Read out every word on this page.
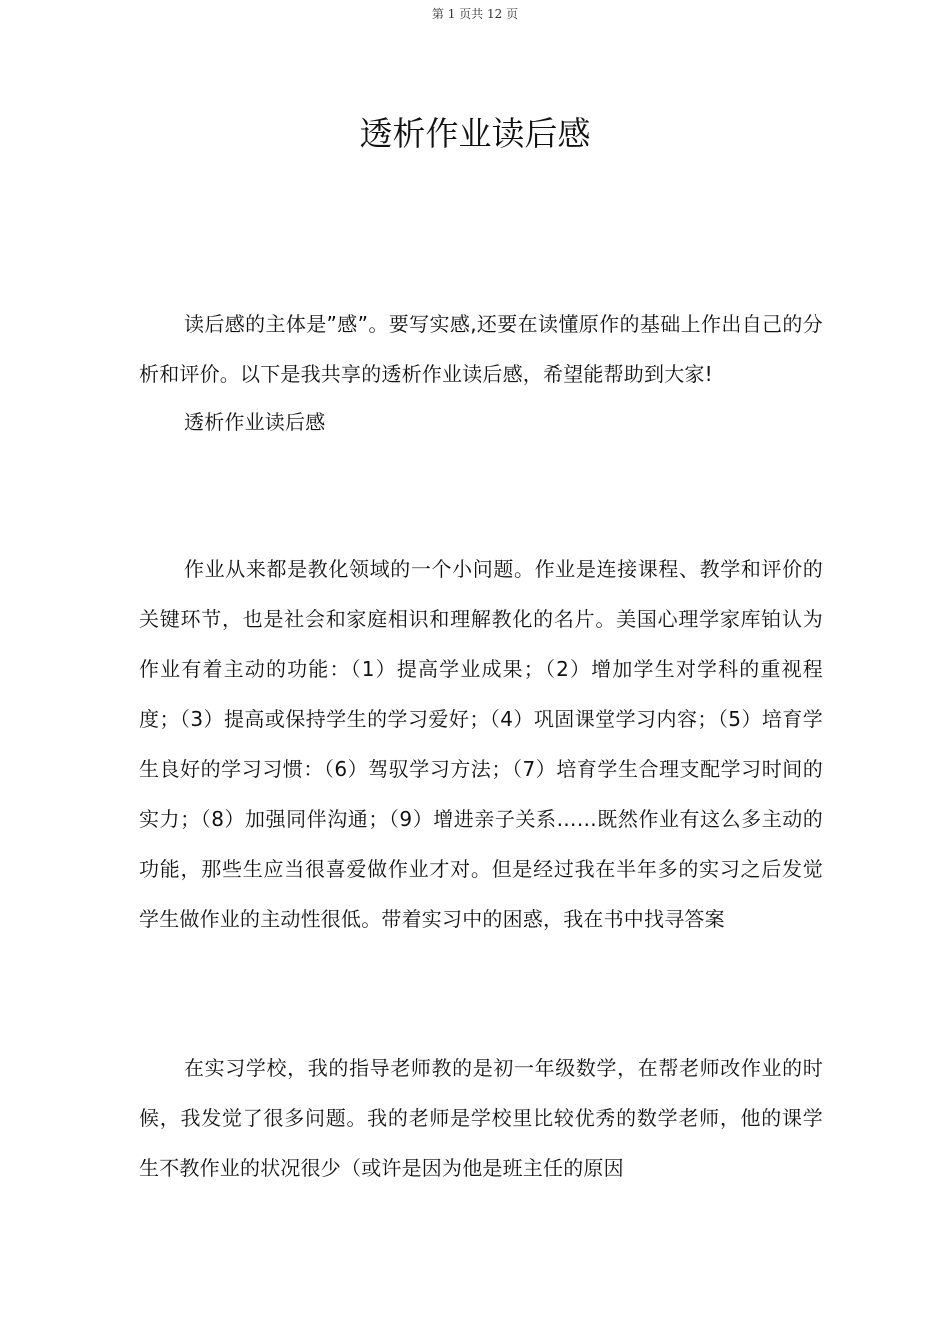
第 1 页共 12 页
透析作业读后感

读后感的主体是”感”。要写实感,还要在读懂原作的基础上作出自己的分析和评价。以下是我共享的透析作业读后感，希望能帮助到大家!

透析作业读后感

作业从来都是教化领域的一个小问题。作业是连接课程、教学和评价的关键环节，也是社会和家庭相识和理解教化的名片。美国心理学家库铂认为作业有着主动的功能：（1）提高学业成果；（2）增加学生对学科的重视程度；（3）提高或保持学生的学习爱好；（4）巩固课堂学习内容；（5）培育学生良好的学习习惯：（6）驾驭学习方法；（7）培育学生合理支配学习时间的实力；（8）加强同伴沟通；（9）增进亲子关系……既然作业有这么多主动的功能，那些生应当很喜爱做作业才对。但是经过我在半年多的实习之后发觉学生做作业的主动性很低。带着实习中的困惑，我在书中找寻答案

在实习学校，我的指导老师教的是初一年级数学，在帮老师改作业的时候，我发觉了很多问题。我的老师是学校里比较优秀的数学老师，他的课学生不教作业的状况很少（或许是因为他是班主任的原因
